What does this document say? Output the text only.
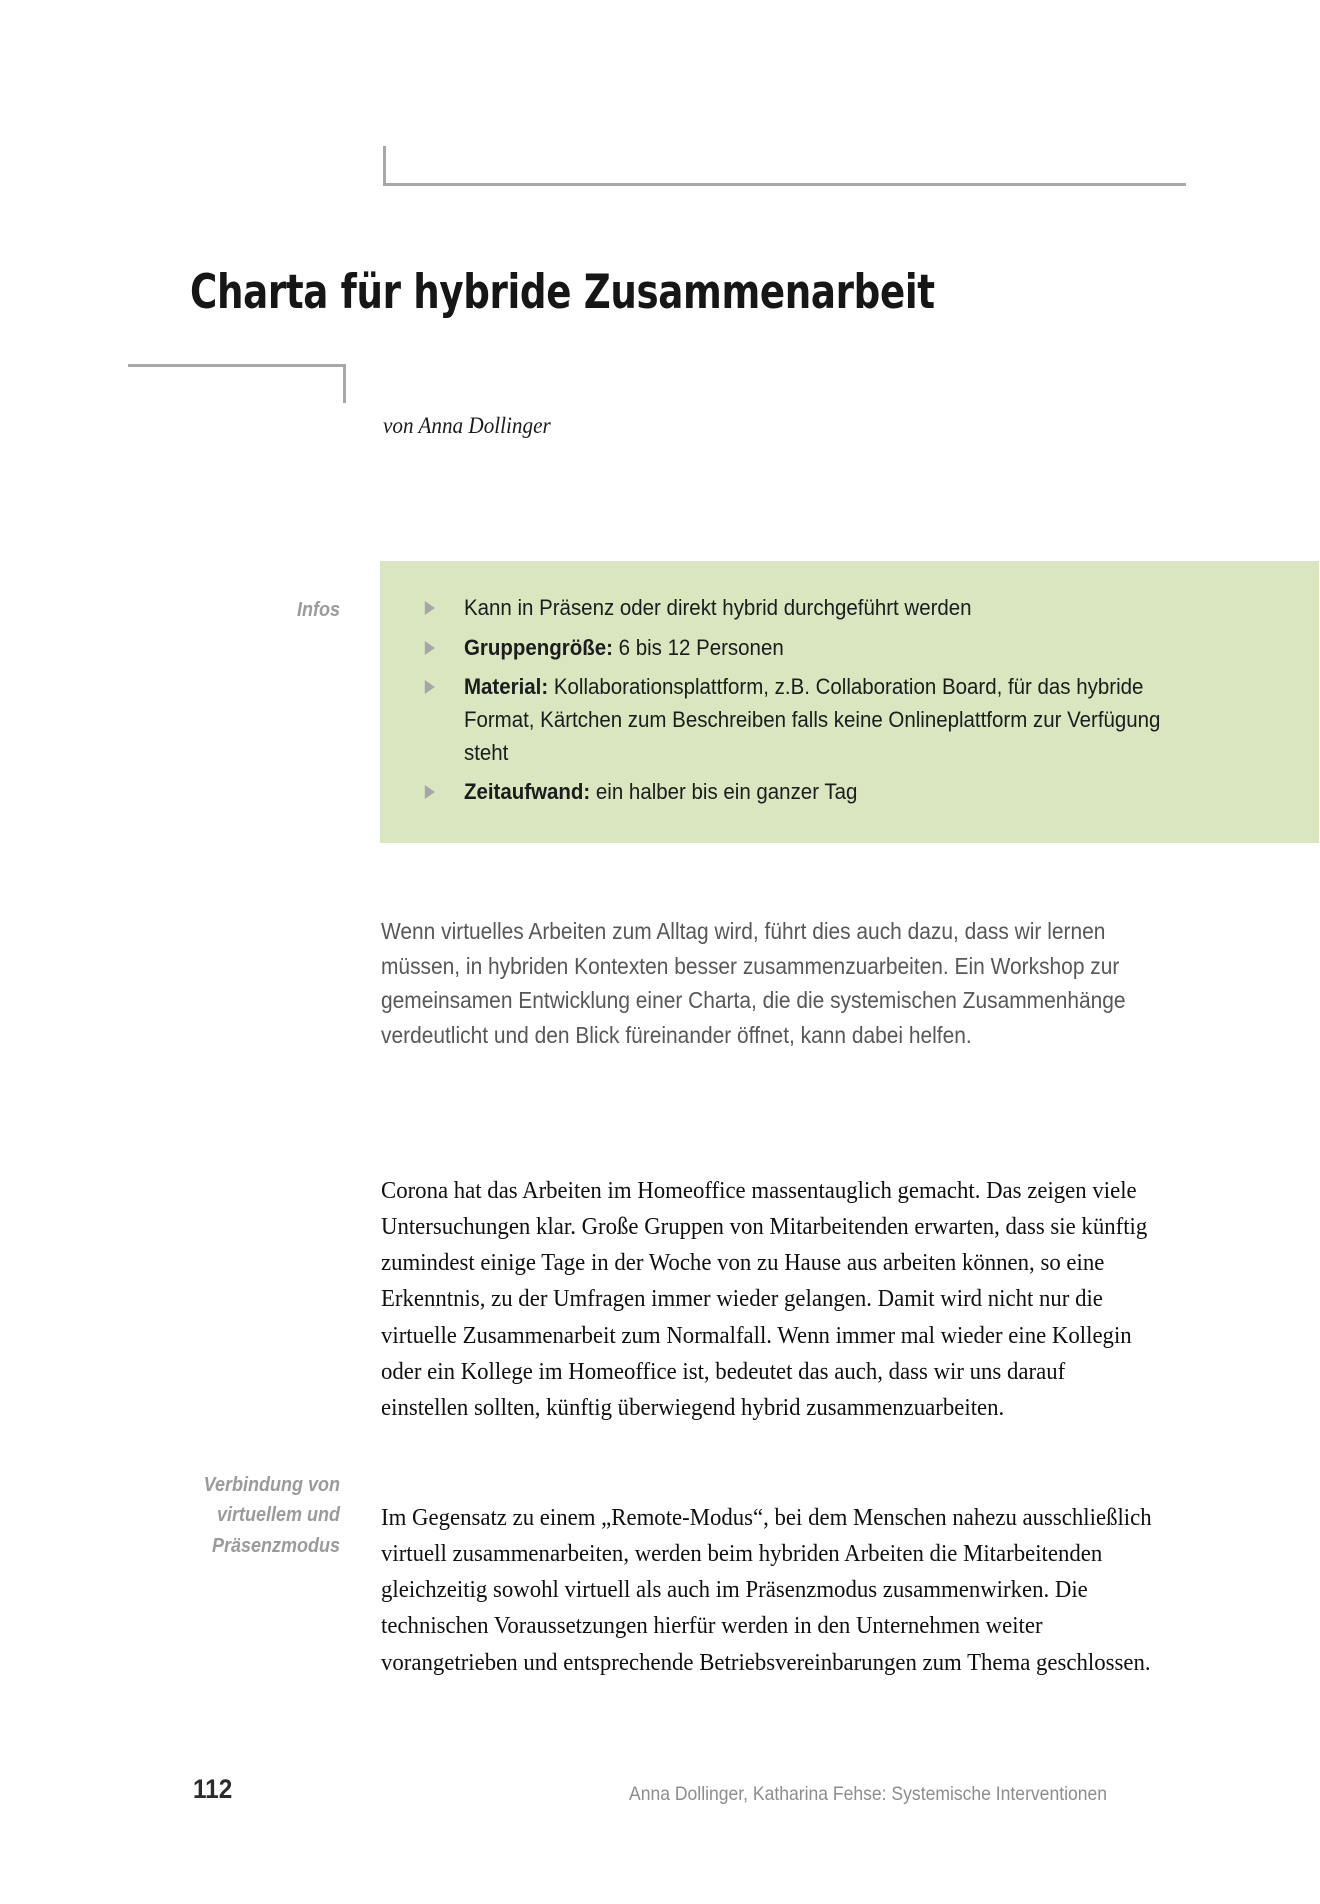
Charta für hybride Zusammenarbeit
von Anna Dollinger
Infos	Kann in Präsenz oder direkt hybrid durchgeführt werden
Gruppengröße: 6 bis 12 Personen
Material: Kollaborationsplattform, z.B. Collaboration Board, für das hybride Format, Kärtchen zum Beschreiben falls keine Onlineplattform zur Verfügung steht
Zeitaufwand: ein halber bis ein ganzer Tag

Wenn virtuelles Arbeiten zum Alltag wird, führt dies auch dazu, dass wir lernen müssen, in hybriden Kontexten besser zusammenzuarbeiten. Ein Workshop zur gemeinsamen Entwicklung einer Charta, die die systemischen Zusammenhänge verdeutlicht und den Blick füreinander öffnet, kann dabei helfen.

Corona hat das Arbeiten im Homeoffice massentauglich gemacht. Das zeigen viele Untersuchungen klar. Große Gruppen von Mitarbeitenden erwarten, dass sie künftig zumindest einige Tage in der Woche von zu Hause aus arbeiten können, so eine Erkenntnis, zu der Umfragen immer wieder gelangen. Damit wird nicht nur die virtuelle Zusammenarbeit zum Normalfall. Wenn immer mal wieder eine Kollegin oder ein Kollege im Homeoffice ist, bedeutet das auch, dass wir uns darauf einstellen sollten, künftig überwiegend hybrid zusammenzuarbeiten.

Verbindung von virtuellem und Präsenzmodus

Im Gegensatz zu einem „Remote-Modus“, bei dem Menschen nahezu ausschließlich virtuell zusammenarbeiten, werden beim hybriden Arbeiten die Mitarbeitenden gleichzeitig sowohl virtuell als auch im Präsenzmodus zusammenwirken. Die technischen Voraussetzungen hierfür werden in den Unternehmen weiter vorangetrieben und entsprechende Betriebsvereinbarungen zum Thema geschlossen.

112	Anna Dollinger, Katharina Fehse: Systemische Interventionen
